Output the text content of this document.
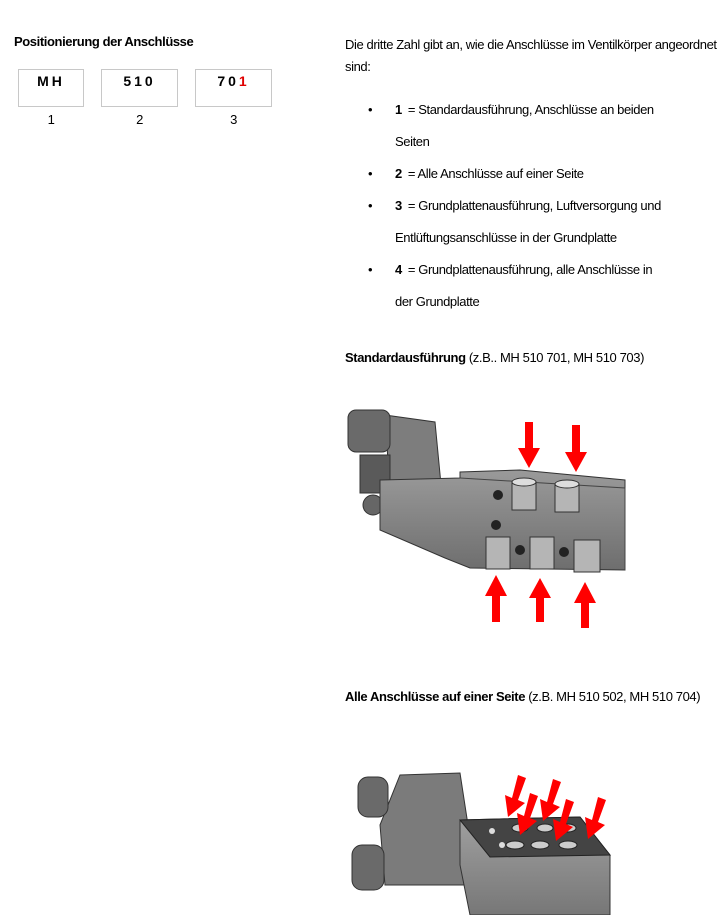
Positionierung der Anschlüsse
MH	510	701
1	2	3
Die dritte Zahl gibt an, wie die Anschlüsse im Ventilkörper angeordnet sind:
• 1 = Standardausführung, Anschlüsse an beiden
Seiten
• 2 = Alle Anschlüsse auf einer Seite
• 3 = Grundplattenausführung, Luftversorgung und
Entlüftungsanschlüsse in der Grundplatte
• 4 = Grundplattenausführung, alle Anschlüsse in
der Grundplatte
Standardausführung (z.B.. MH 510 701, MH 510 703)
Alle Anschlüsse auf einer Seite (z.B. MH 510 502, MH 510 704)
